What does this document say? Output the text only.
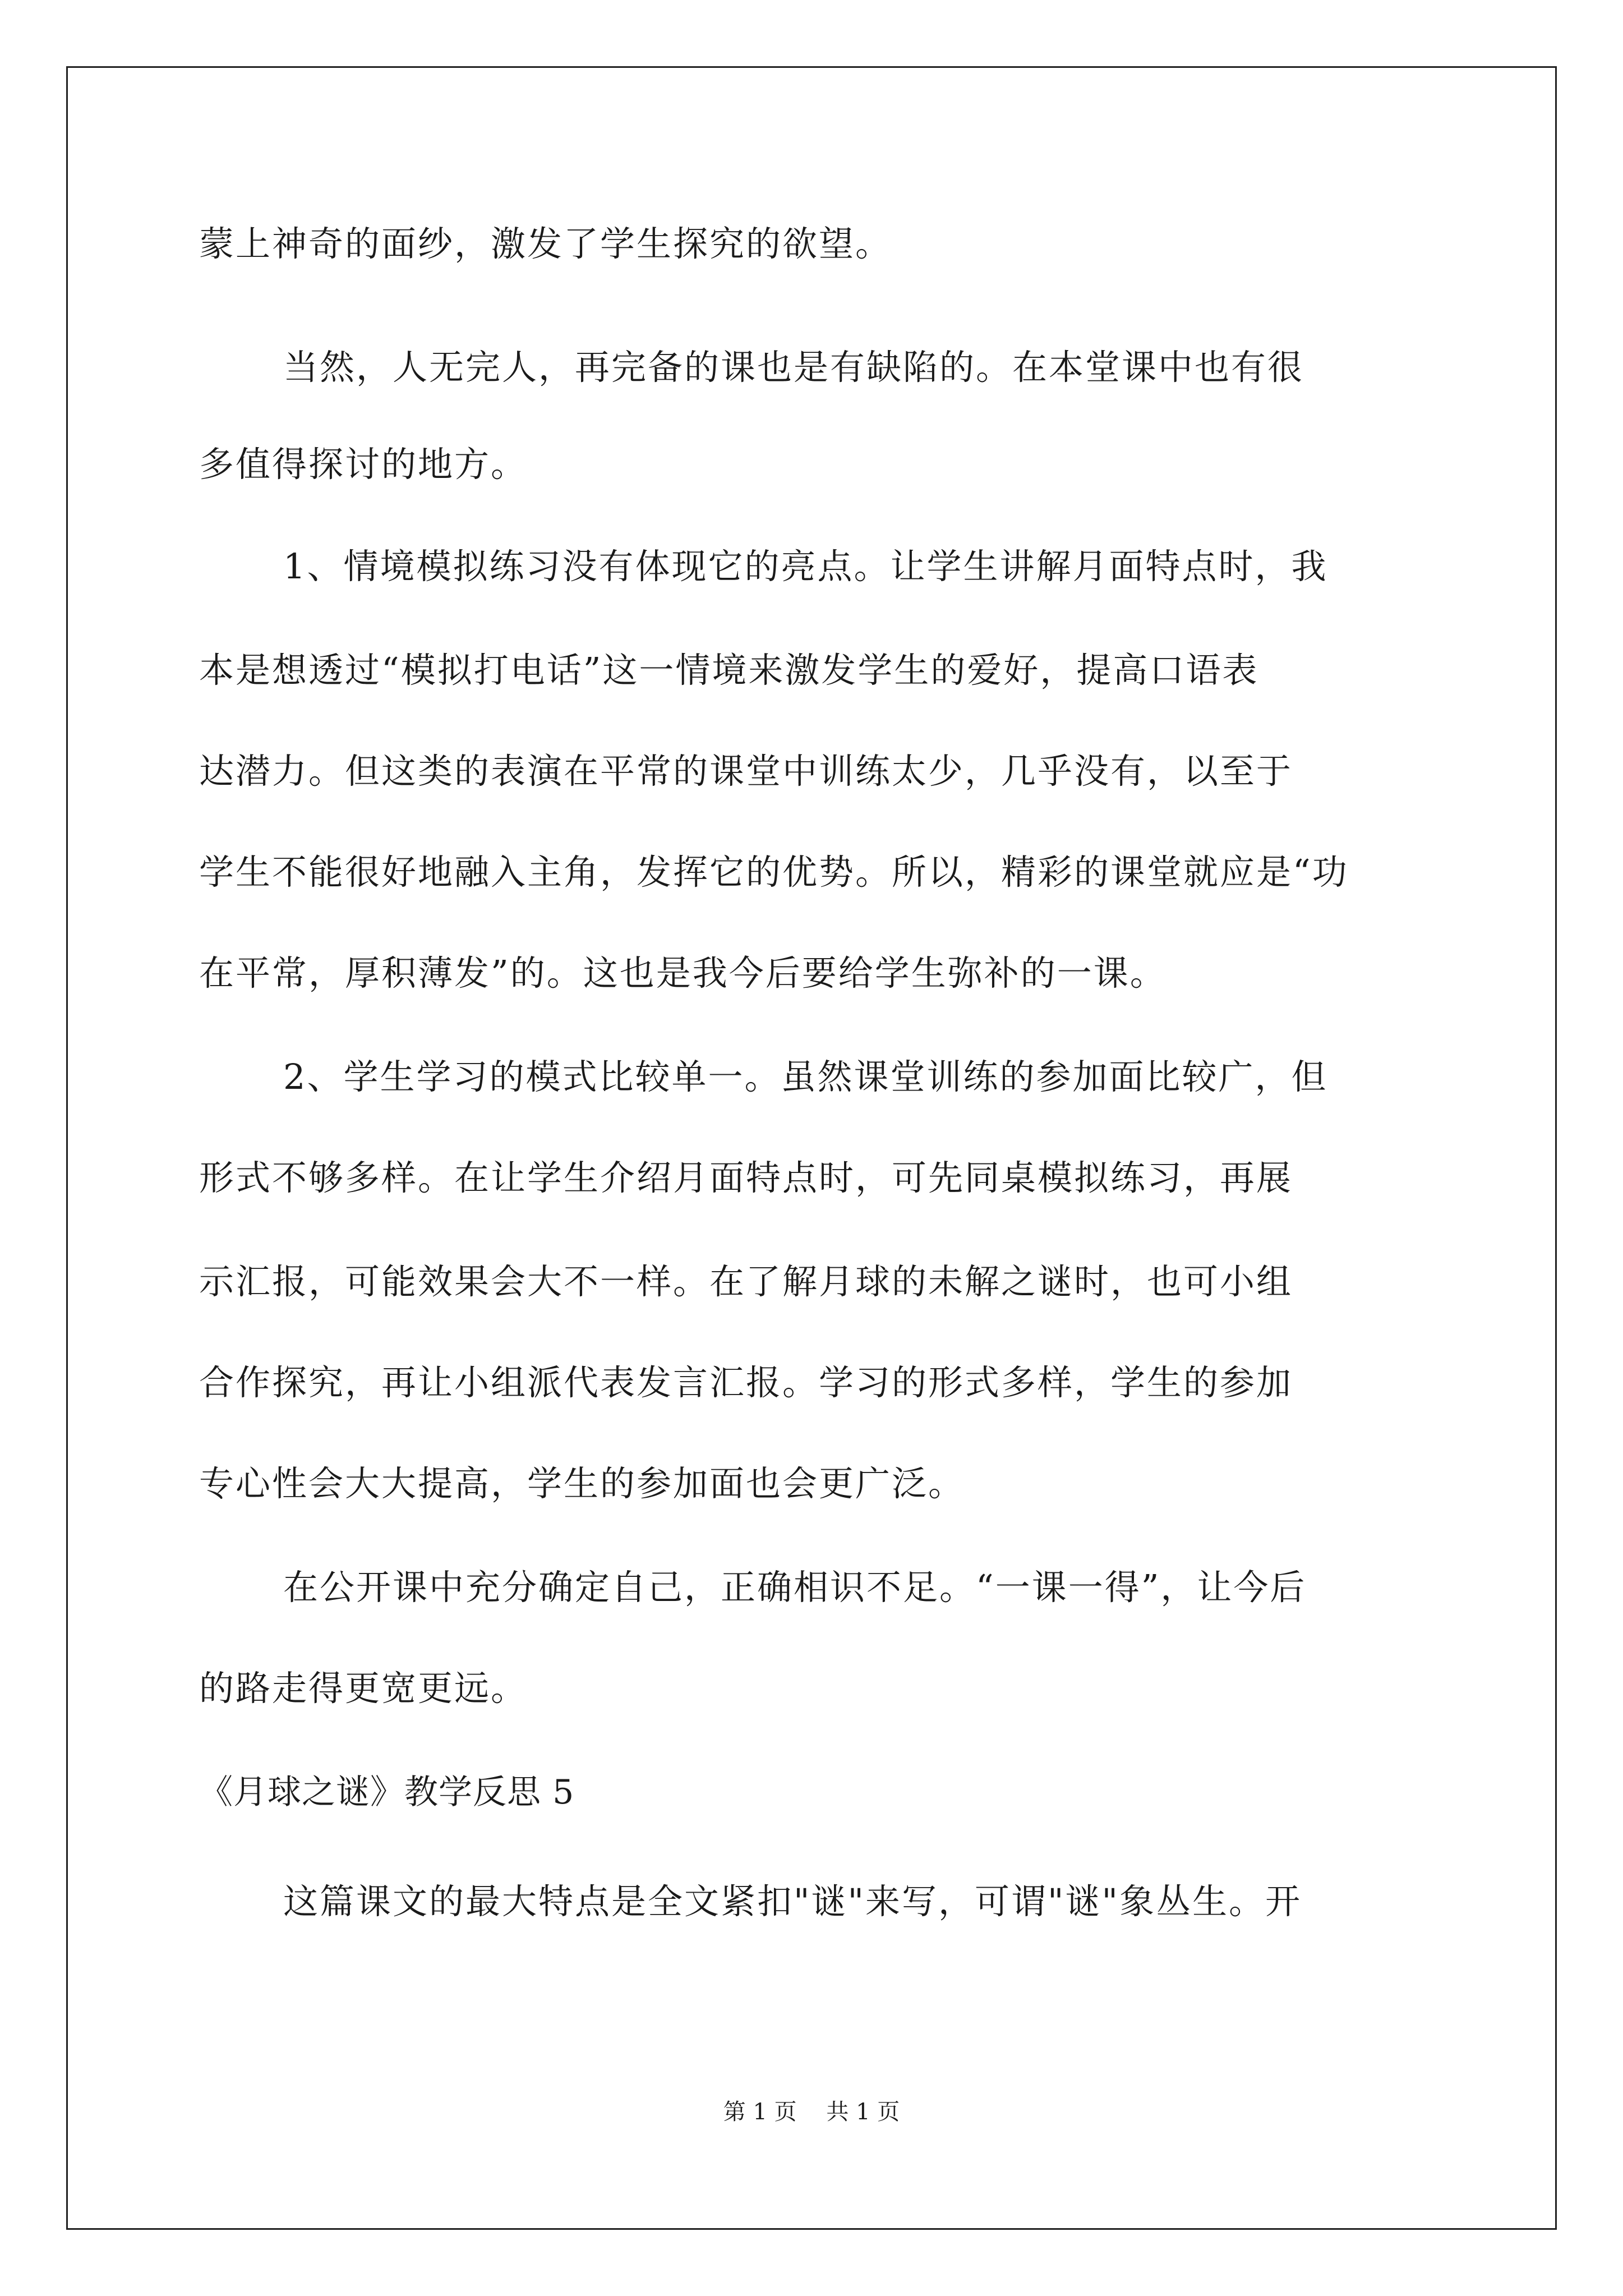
蒙上神奇的面纱，激发了学生探究的欲望。
当然，人无完人，再完备的课也是有缺陷的。在本堂课中也有很
多值得探讨的地方。
1、情境模拟练习没有体现它的亮点。让学生讲解月面特点时，我
本是想透过“模拟打电话”这一情境来激发学生的爱好，提高口语表
达潜力。但这类的表演在平常的课堂中训练太少，几乎没有，以至于
学生不能很好地融入主角，发挥它的优势。所以，精彩的课堂就应是“功
在平常，厚积薄发”的。这也是我今后要给学生弥补的一课。
2、学生学习的模式比较单一。虽然课堂训练的参加面比较广，但
形式不够多样。在让学生介绍月面特点时，可先同桌模拟练习，再展
示汇报，可能效果会大不一样。在了解月球的未解之谜时，也可小组
合作探究，再让小组派代表发言汇报。学习的形式多样，学生的参加
专心性会大大提高，学生的参加面也会更广泛。
在公开课中充分确定自己，正确相识不足。“一课一得”，让今后
的路走得更宽更远。
《月球之谜》教学反思 5
这篇课文的最大特点是全文紧扣"谜"来写，可谓"谜"象丛生。开
第 1 页 共 1 页
